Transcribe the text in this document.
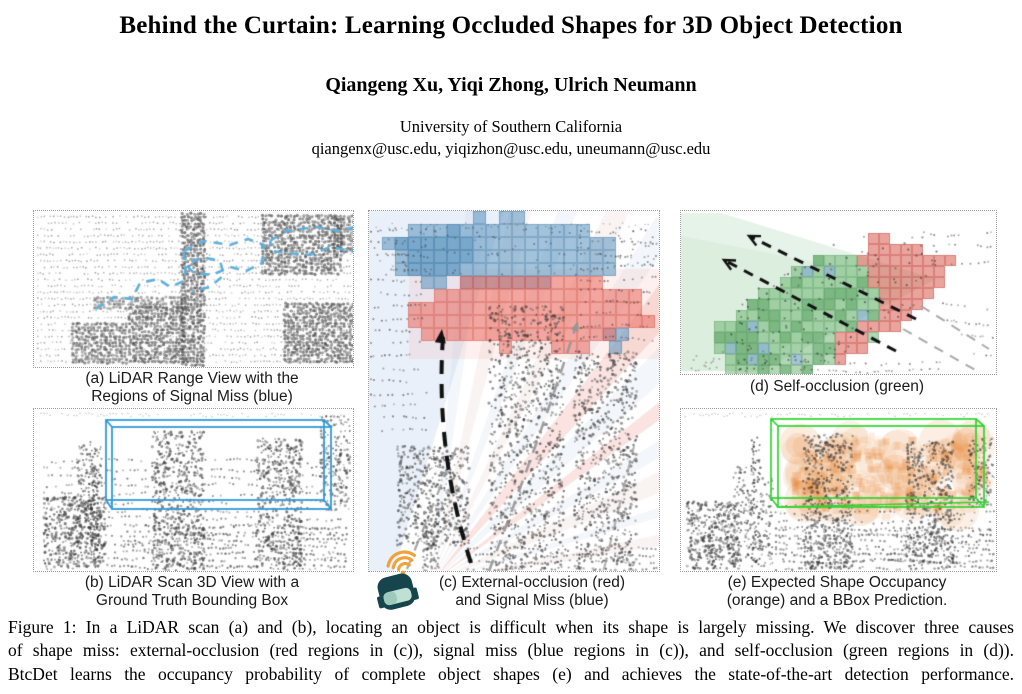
Behind the Curtain: Learning Occluded Shapes for 3D Object Detection
Qiangeng Xu, Yiqi Zhong, Ulrich Neumann
University of Southern California
qiangenx@usc.edu, yiqizhon@usc.edu, uneumann@usc.edu
(a) LiDAR Range View with the
Regions of Signal Miss (blue)
(b) LiDAR Scan 3D View with a
Ground Truth Bounding Box
(c) External-occlusion (red)
and Signal Miss (blue)
(d) Self-occlusion (green)
(e) Expected Shape Occupancy
(orange) and a BBox Prediction.
Figure 1: In a LiDAR scan (a) and (b), locating an object is difficult when its shape is largely missing. We discover three causes
of shape miss: external-occlusion (red regions in (c)), signal miss (blue regions in (c)), and self-occlusion (green regions in (d)).
BtcDet learns the occupancy probability of complete object shapes (e) and achieves the state-of-the-art detection performance.
